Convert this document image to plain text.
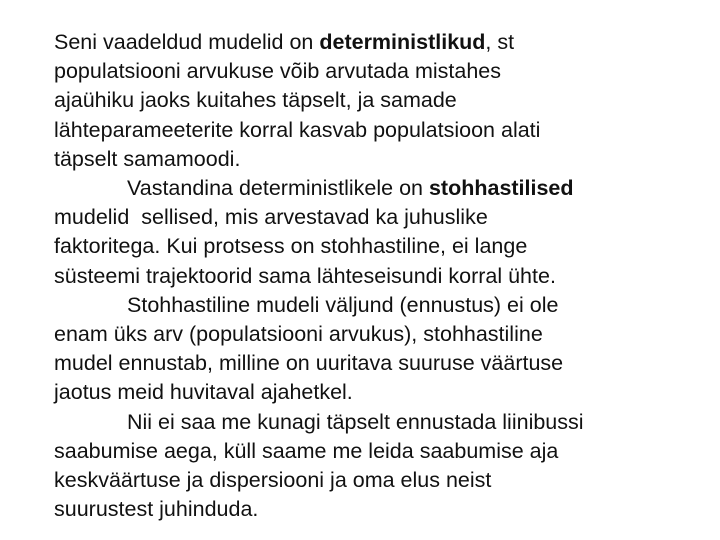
Seni vaadeldud mudelid on deterministlikud, st
populatsiooni arvukuse võib arvutada mistahes
ajaühiku jaoks kuitahes täpselt, ja samade
lähteparameeterite korral kasvab populatsioon alati
täpselt samamoodi.
Vastandina deterministlikele on stohhastilised
mudelid  sellised, mis arvestavad ka juhuslike
faktoritega. Kui protsess on stohhastiline, ei lange
süsteemi trajektoorid sama lähteseisundi korral ühte.
Stohhastiline mudeli väljund (ennustus) ei ole
enam üks arv (populatsiooni arvukus), stohhastiline
mudel ennustab, milline on uuritava suuruse väärtuse
jaotus meid huvitaval ajahetkel.
Nii ei saa me kunagi täpselt ennustada liinibussi
saabumise aega, küll saame me leida saabumise aja
keskväärtuse ja dispersiooni ja oma elus neist
suurustest juhinduda.
